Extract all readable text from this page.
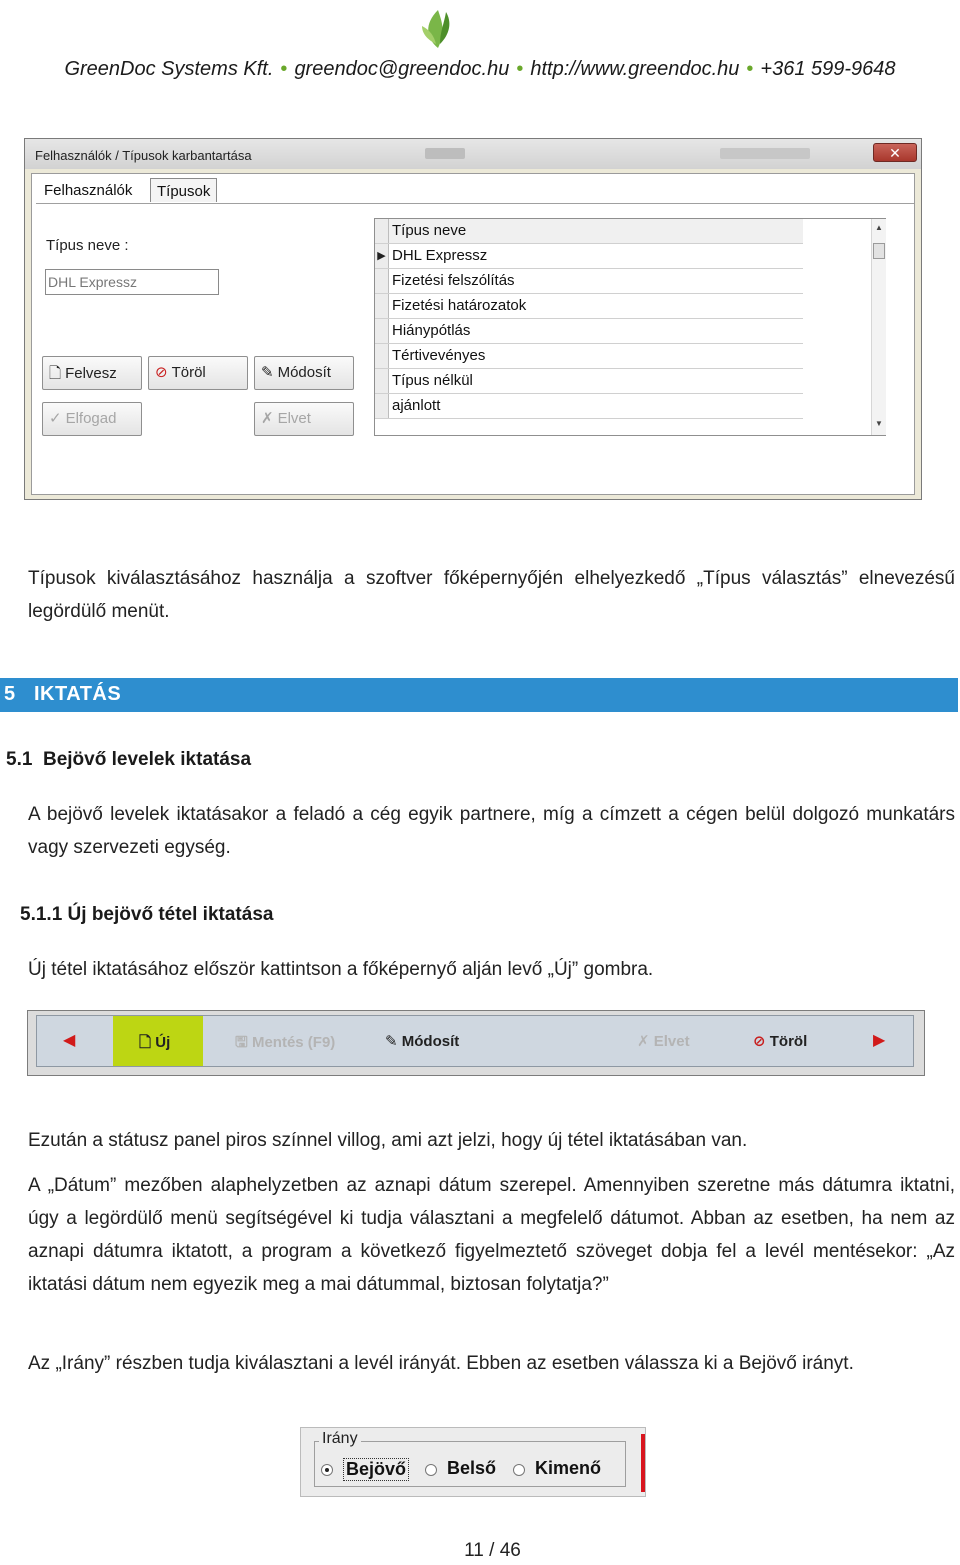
GreenDoc Systems Kft. • greendoc@greendoc.hu • http://www.greendoc.hu • +361 599-9648
Felhasználók / Típusok karbantartása	✕
Felhasználók	Típusok
Típus neve :
DHL Expressz
🗋 Felvesz	⊘ Töröl	✎ Módosít
✓ Elfogad	✗ Elvet
Típus neve
▶ DHL Expressz
Fizetési felszólítás
Fizetési határozatok
Hiánypótlás
Tértivevényes
Típus nélkül
ajánlott
▲
▼
Típusok kiválasztásához használja a szoftver főképernyőjén elhelyezkedő „Típus választás” elnevezésű legördülő menüt.
5 IKTATÁS
5.1 Bejövő levelek iktatása
A bejövő levelek iktatásakor a feladó a cég egyik partnere, míg a címzett a cégen belül dolgozó munkatárs vagy szervezeti egység.
5.1.1 Új bejövő tétel iktatása
Új tétel iktatásához először kattintson a főképernyő alján levő „Új” gombra.
◀	🗋 Új	🖫 Mentés (F9)	✎ Módosít	✗ Elvet	⊘ Töröl	▶
Ezután a státusz panel piros színnel villog, ami azt jelzi, hogy új tétel iktatásában van.
A „Dátum” mezőben alaphelyzetben az aznapi dátum szerepel. Amennyiben szeretne más dátumra iktatni, úgy a legördülő menü segítségével ki tudja választani a megfelelő dátumot. Abban az esetben, ha nem az aznapi dátumra iktatott, a program a következő figyelmeztető szöveget dobja fel a levél mentésekor: „Az iktatási dátum nem egyezik meg a mai dátummal, biztosan folytatja?”
Az „Irány” részben tudja kiválasztani a levél irányát. Ebben az esetben válassza ki a Bejövő irányt.
Irány
Bejövő Belső Kimenő
11 / 46
